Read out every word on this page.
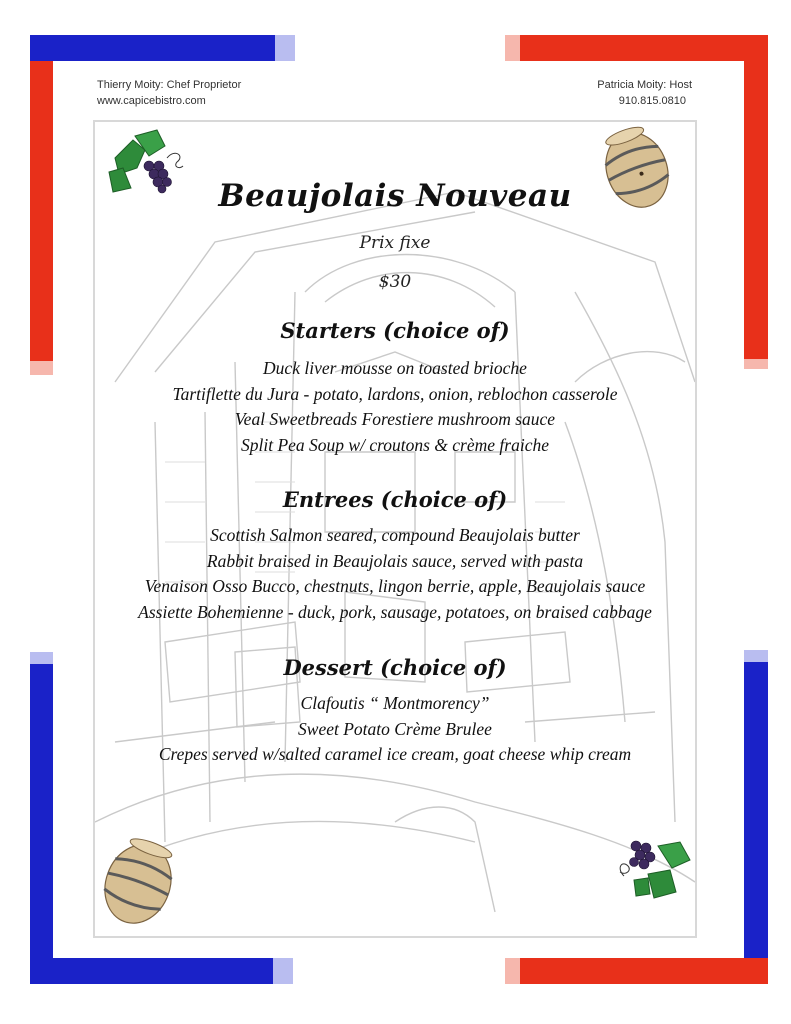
Thierry Moity: Chef Proprietor
www.capicebistro.com
Patricia Moity: Host
910.815.0810
Beaujolais Nouveau
Prix fixe
$30
Starters (choice of)
Duck liver mousse on toasted brioche
Tartiflette du Jura - potato, lardons, onion, reblochon casserole
Veal Sweetbreads Forestiere mushroom sauce
Split Pea Soup w/ croutons & crème fraiche
Entrees (choice of)
Scottish Salmon seared, compound Beaujolais butter
Rabbit braised in Beaujolais sauce, served with pasta
Venaison Osso Bucco, chestnuts, lingon berrie, apple, Beaujolais sauce
Assiette Bohemienne - duck, pork, sausage, potatoes, on braised cabbage
Dessert (choice of)
Clafoutis “ Montmorency”
Sweet Potato Crème Brulee
Crepes served w/salted caramel ice cream, goat cheese whip cream
